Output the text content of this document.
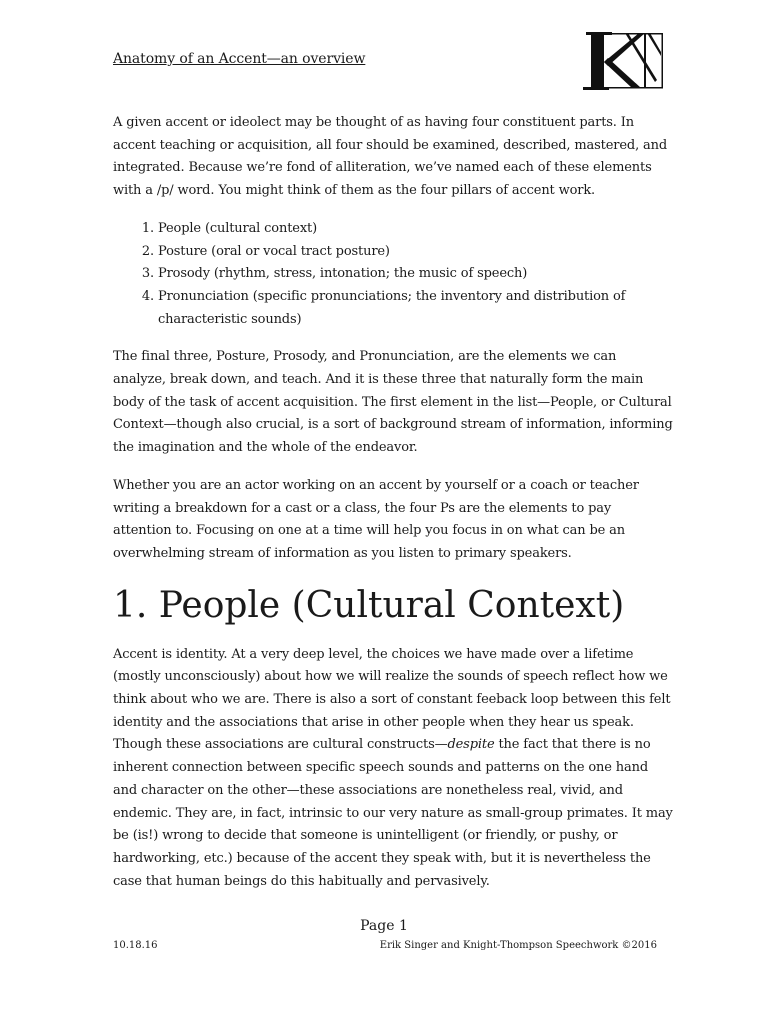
Anatomy of an Accent—an overview

A given accent or ideolect may be thought of as having four constituent parts. In accent teaching or acquisition, all four should be examined, described, mastered, and integrated. Because we’re fond of alliteration, we’ve named each of these elements with a /p/ word. You might think of them as the four pillars of accent work.

1. People (cultural context)
2. Posture (oral or vocal tract posture)
3. Prosody (rhythm, stress, intonation; the music of speech)
4. Pronunciation (specific pronunciations; the inventory and distribution of characteristic sounds)

The final three, Posture, Prosody, and Pronunciation, are the elements we can analyze, break down, and teach. And it is these three that naturally form the main body of the task of accent acquisition. The first element in the list—People, or Cultural Context—though also crucial, is a sort of background stream of information, informing the imagination and the whole of the endeavor.

Whether you are an actor working on an accent by yourself or a coach or teacher writing a breakdown for a cast or a class, the four Ps are the elements to pay attention to. Focusing on one at a time will help you focus in on what can be an overwhelming stream of information as you listen to primary speakers.

1. People (Cultural Context)

Accent is identity. At a very deep level, the choices we have made over a lifetime (mostly unconsciously) about how we will realize the sounds of speech reflect how we think about who we are. There is also a sort of constant feeback loop between this felt identity and the associations that arise in other people when they hear us speak. Though these associations are cultural constructs—despite the fact that there is no inherent connection between specific speech sounds and patterns on the one hand and character on the other—these associations are nonetheless real, vivid, and endemic. They are, in fact, intrinsic to our very nature as small-group primates. It may be (is!) wrong to decide that someone is unintelligent (or friendly, or pushy, or hardworking, etc.) because of the accent they speak with, but it is nevertheless the case that human beings do this habitually and pervasively.

Page 1
10.18.16	Erik Singer and Knight-Thompson Speechwork ©2016
